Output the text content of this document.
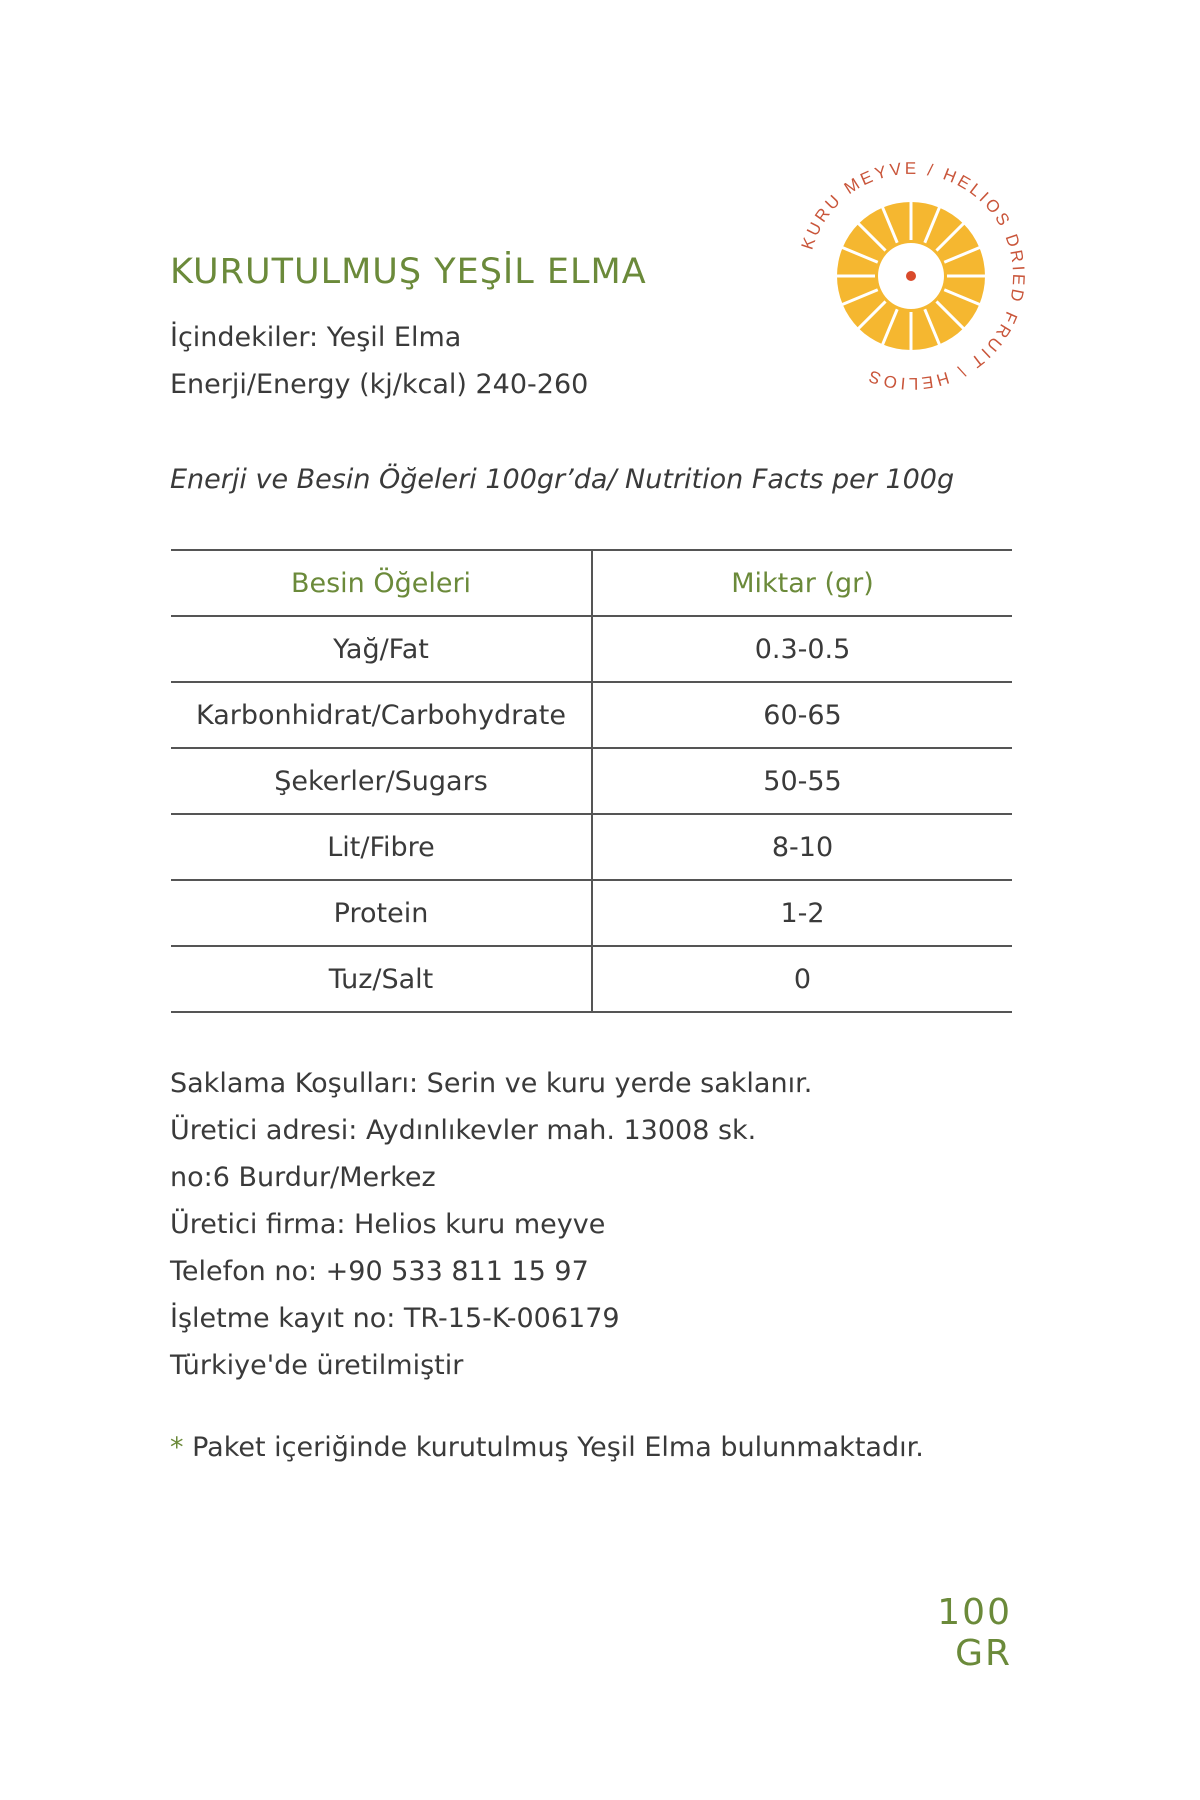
KURUTULMUŞ YEŞİL ELMA
İçindekiler: Yeşil Elma
Enerji/Energy (kj/kcal) 240-260
KURU MEYVE / HELIOS DRIED FRUIT \ HELIOS
Enerji ve Besin Öğeleri 100gr’da/ Nutrition Facts per 100g
Besin Öğeleri	Miktar (gr)
Yağ/Fat	0.3-0.5
Karbonhidrat/Carbohydrate	60-65
Şekerler/Sugars	50-55
Lit/Fibre	8-10
Protein	1-2
Tuz/Salt	0
Saklama Koşulları: Serin ve kuru yerde saklanır.
Üretici adresi: Aydınlıkevler mah. 13008 sk.
no:6 Burdur/Merkez
Üretici firma: Helios kuru meyve
Telefon no: +90 533 811 15 97
İşletme kayıt no: TR-15-K-006179
Türkiye'de üretilmiştir
* Paket içeriğinde kurutulmuş Yeşil Elma bulunmaktadır.
100 GR
